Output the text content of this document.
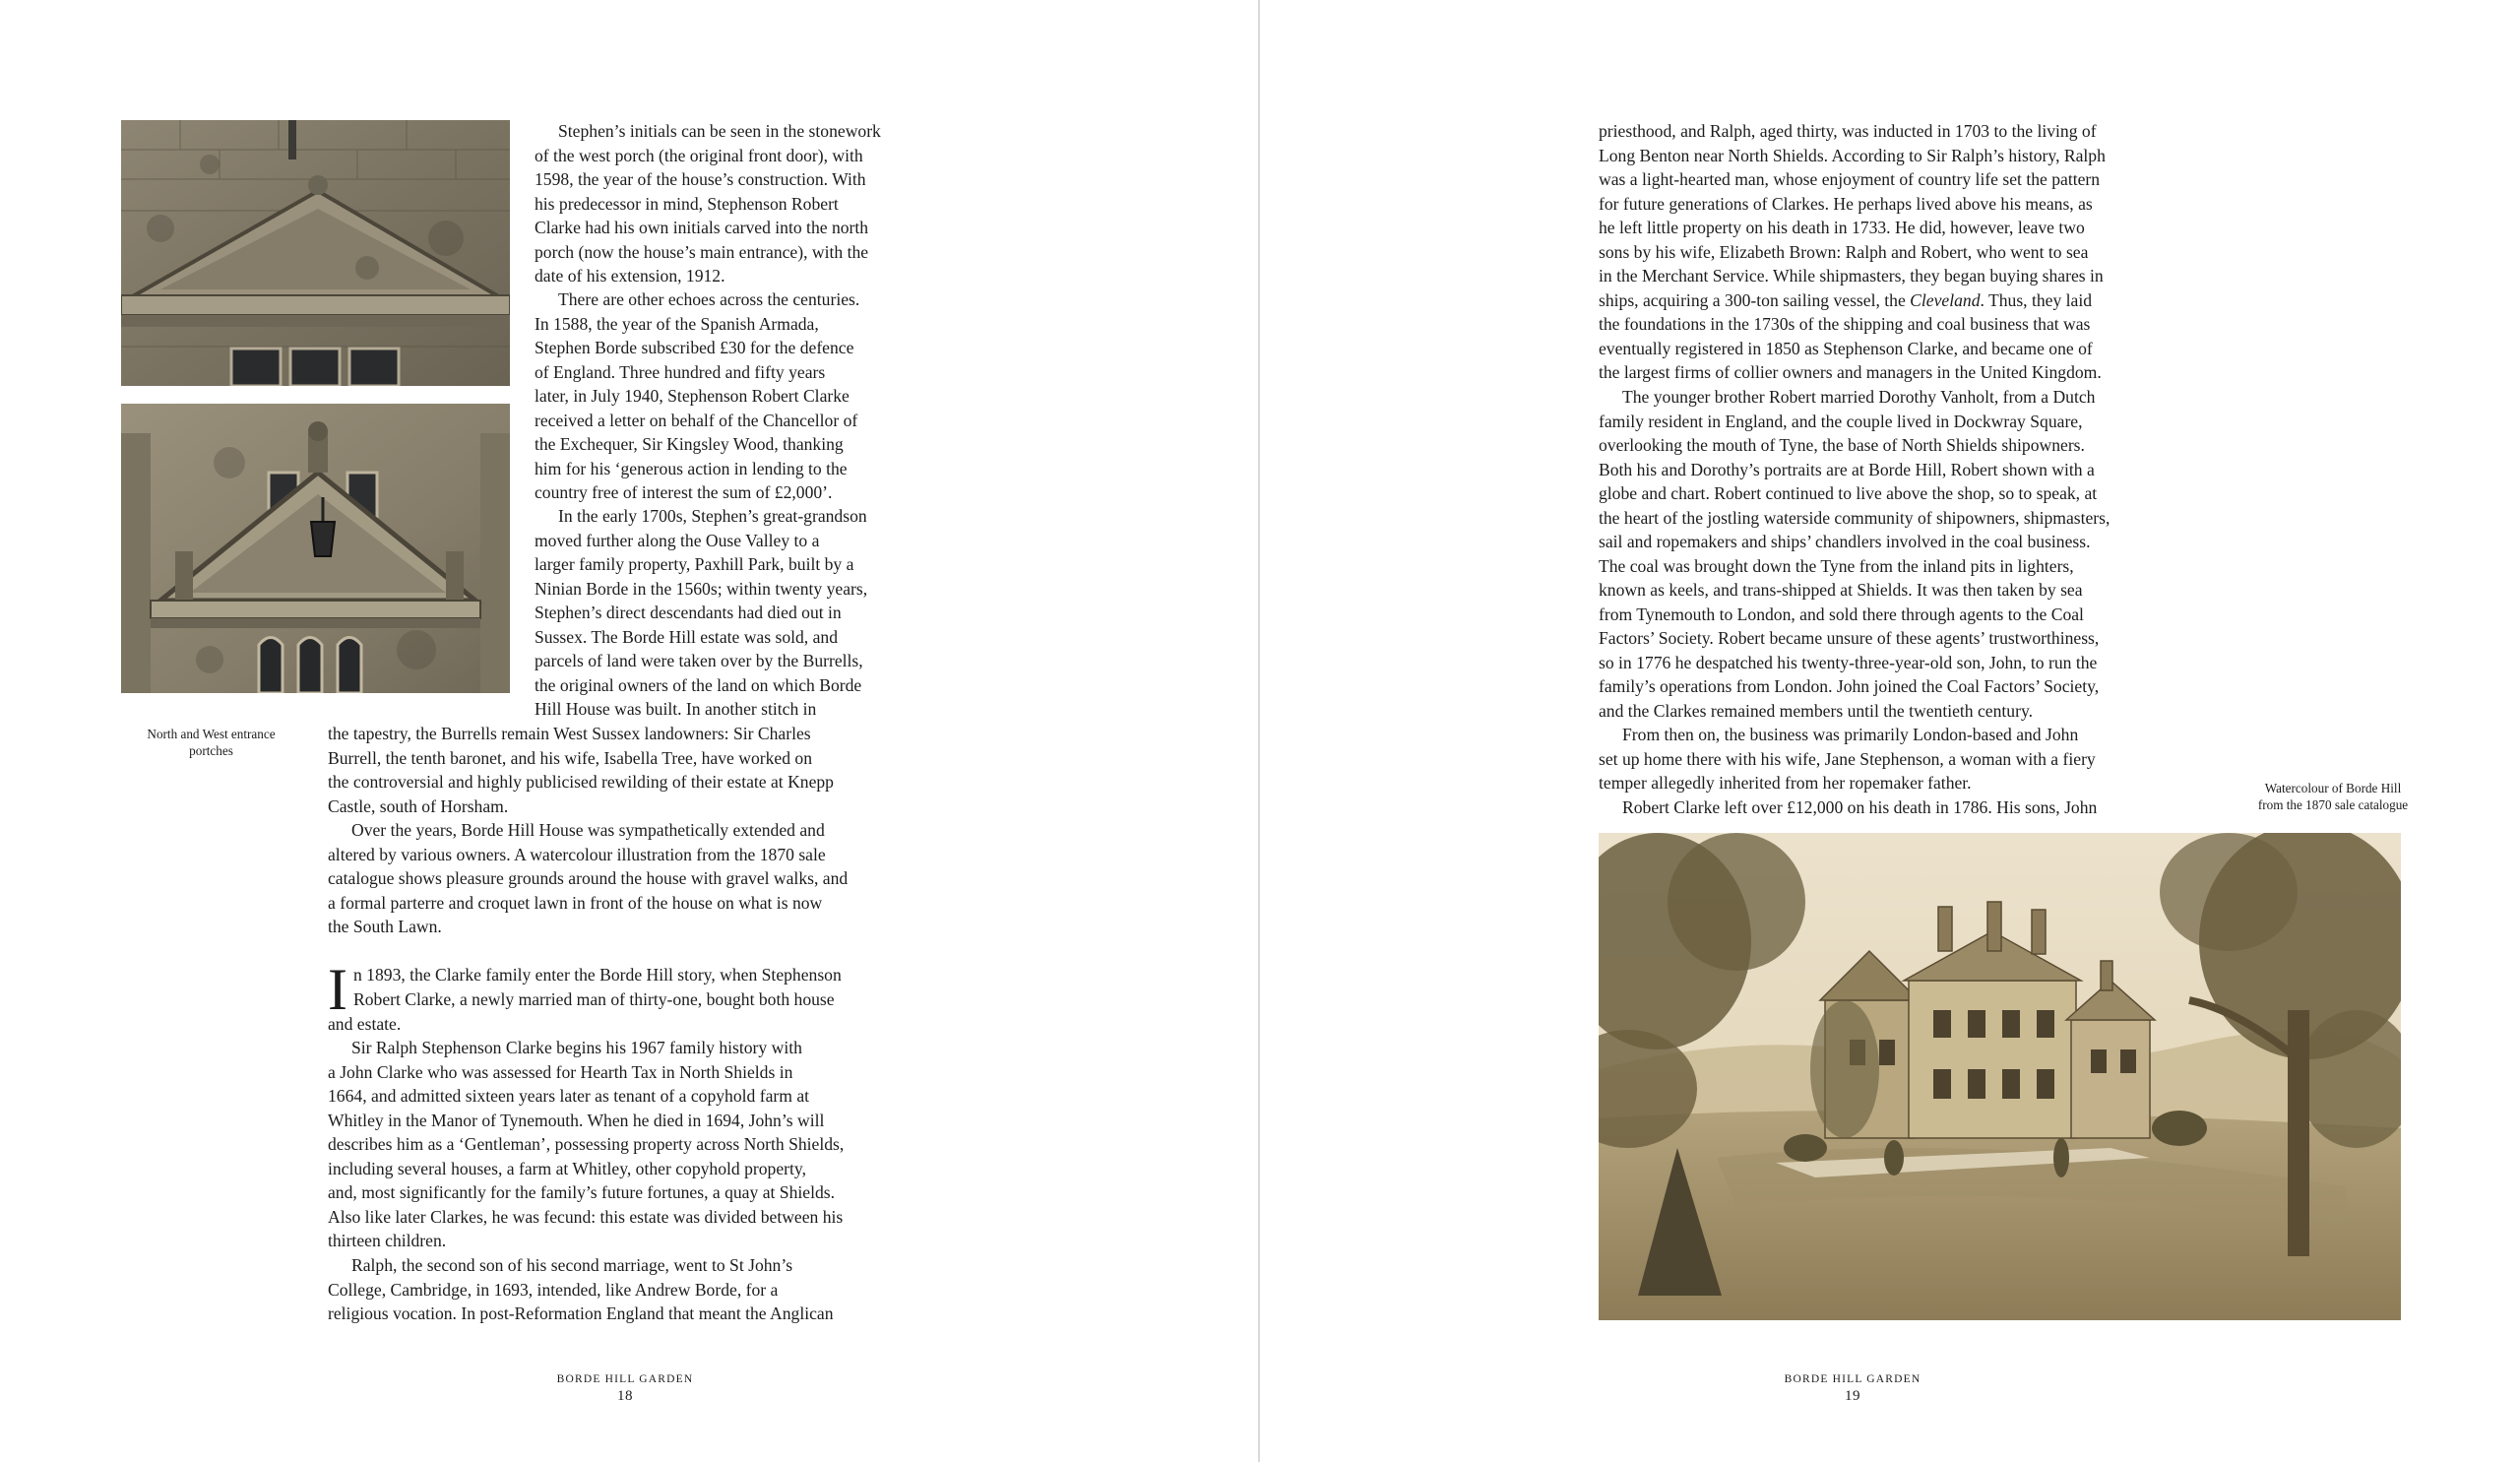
North and West entrance
portches

Stephen’s initials can be seen in the stonework
of the west porch (the original front door), with
1598, the year of the house’s construction. With
his predecessor in mind, Stephenson Robert
Clarke had his own initials carved into the north
porch (now the house’s main entrance), with the
date of his extension, 1912.

There are other echoes across the centuries.
In 1588, the year of the Spanish Armada,
Stephen Borde subscribed £30 for the defence
of England. Three hundred and fifty years
later, in July 1940, Stephenson Robert Clarke
received a letter on behalf of the Chancellor of
the Exchequer, Sir Kingsley Wood, thanking
him for his ‘generous action in lending to the
country free of interest the sum of £2,000’.

In the early 1700s, Stephen’s great-grandson
moved further along the Ouse Valley to a
larger family property, Paxhill Park, built by a
Ninian Borde in the 1560s; within twenty years,
Stephen’s direct descendants had died out in
Sussex. The Borde Hill estate was sold, and
parcels of land were taken over by the Burrells,
the original owners of the land on which Borde
Hill House was built. In another stitch in

the tapestry, the Burrells remain West Sussex landowners: Sir Charles
Burrell, the tenth baronet, and his wife, Isabella Tree, have worked on
the controversial and highly publicised rewilding of their estate at Knepp
Castle, south of Horsham.

Over the years, Borde Hill House was sympathetically extended and
altered by various owners. A watercolour illustration from the 1870 sale
catalogue shows pleasure grounds around the house with gravel walks, and
a formal parterre and croquet lawn in front of the house on what is now
the South Lawn.

I n 1893, the Clarke family enter the Borde Hill story, when Stephenson
Robert Clarke, a newly married man of thirty-one, bought both house
and estate.

Sir Ralph Stephenson Clarke begins his 1967 family history with
a John Clarke who was assessed for Hearth Tax in North Shields in
1664, and admitted sixteen years later as tenant of a copyhold farm at
Whitley in the Manor of Tynemouth. When he died in 1694, John’s will
describes him as a ‘Gentleman’, possessing property across North Shields,
including several houses, a farm at Whitley, other copyhold property,
and, most significantly for the family’s future fortunes, a quay at Shields.
Also like later Clarkes, he was fecund: this estate was divided between his
thirteen children.

Ralph, the second son of his second marriage, went to St John’s
College, Cambridge, in 1693, intended, like Andrew Borde, for a
religious vocation. In post-Reformation England that meant the Anglican

BORDE HILL GARDEN
18

priesthood, and Ralph, aged thirty, was inducted in 1703 to the living of
Long Benton near North Shields. According to Sir Ralph’s history, Ralph
was a light-hearted man, whose enjoyment of country life set the pattern
for future generations of Clarkes. He perhaps lived above his means, as
he left little property on his death in 1733. He did, however, leave two
sons by his wife, Elizabeth Brown: Ralph and Robert, who went to sea
in the Merchant Service. While shipmasters, they began buying shares in
ships, acquiring a 300-ton sailing vessel, the Cleveland. Thus, they laid
the foundations in the 1730s of the shipping and coal business that was
eventually registered in 1850 as Stephenson Clarke, and became one of
the largest firms of collier owners and managers in the United Kingdom.

The younger brother Robert married Dorothy Vanholt, from a Dutch
family resident in England, and the couple lived in Dockwray Square,
overlooking the mouth of Tyne, the base of North Shields shipowners.
Both his and Dorothy’s portraits are at Borde Hill, Robert shown with a
globe and chart. Robert continued to live above the shop, so to speak, at
the heart of the jostling waterside community of shipowners, shipmasters,
sail and ropemakers and ships’ chandlers involved in the coal business.
The coal was brought down the Tyne from the inland pits in lighters,
known as keels, and trans-shipped at Shields. It was then taken by sea
from Tynemouth to London, and sold there through agents to the Coal
Factors’ Society. Robert became unsure of these agents’ trustworthiness,
so in 1776 he despatched his twenty-three-year-old son, John, to run the
family’s operations from London. John joined the Coal Factors’ Society,
and the Clarkes remained members until the twentieth century.

From then on, the business was primarily London-based and John
set up home there with his wife, Jane Stephenson, a woman with a fiery
temper allegedly inherited from her ropemaker father.

Robert Clarke left over £12,000 on his death in 1786. His sons, John

Watercolour of Borde Hill
from the 1870 sale catalogue

BORDE HILL GARDEN
19
